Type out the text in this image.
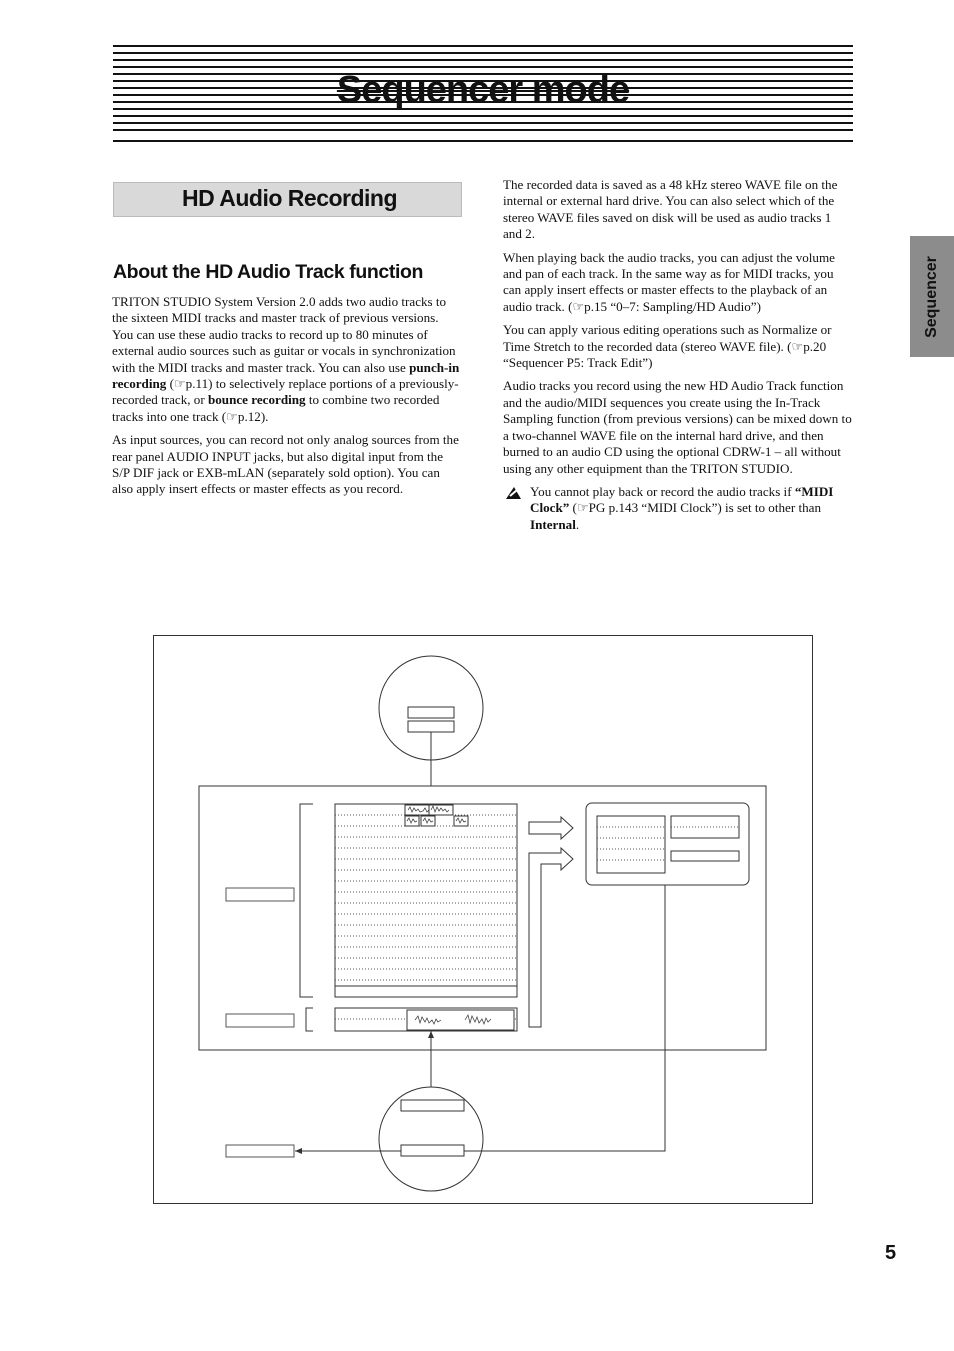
Sequencer mode
HD Audio Recording
About the HD Audio Track function

TRITON STUDIO System Version 2.0 adds two audio tracks to the sixteen MIDI tracks and master track of previous versions.

You can use these audio tracks to record up to 80 minutes of external audio sources such as guitar or vocals in synchronization with the MIDI tracks and master track. You can also use punch-in recording (☞p.11) to selectively replace portions of a previously-recorded track, or bounce recording to combine two recorded tracks into one track (☞p.12).

As input sources, you can record not only analog sources from the rear panel AUDIO INPUT jacks, but also digital input from the S/P DIF jack or EXB-mLAN (separately sold option). You can also apply insert effects or master effects as you record.

The recorded data is saved as a 48 kHz stereo WAVE file on the internal or external hard drive. You can also select which of the stereo WAVE files saved on disk will be used as audio tracks 1 and 2.

When playing back the audio tracks, you can adjust the volume and pan of each track. In the same way as for MIDI tracks, you can apply insert effects or master effects to the playback of an audio track. (☞p.15 “0–7: Sampling/HD Audio”)

You can apply various editing operations such as Normalize or Time Stretch to the recorded data (stereo WAVE file). (☞p.20 “Sequencer P5: Track Edit”)

Audio tracks you record using the new HD Audio Track function and the audio/MIDI sequences you create using the In-Track Sampling function (from previous versions) can be mixed down to a two-channel WAVE file on the internal hard drive, and then burned to an audio CD using the optional CDRW-1 – all without using any other equipment than the TRITON STUDIO.

You cannot play back or record the audio tracks if “MIDI Clock” (☞PG p.143 “MIDI Clock”) is set to other than Internal.
Sequencer
5
